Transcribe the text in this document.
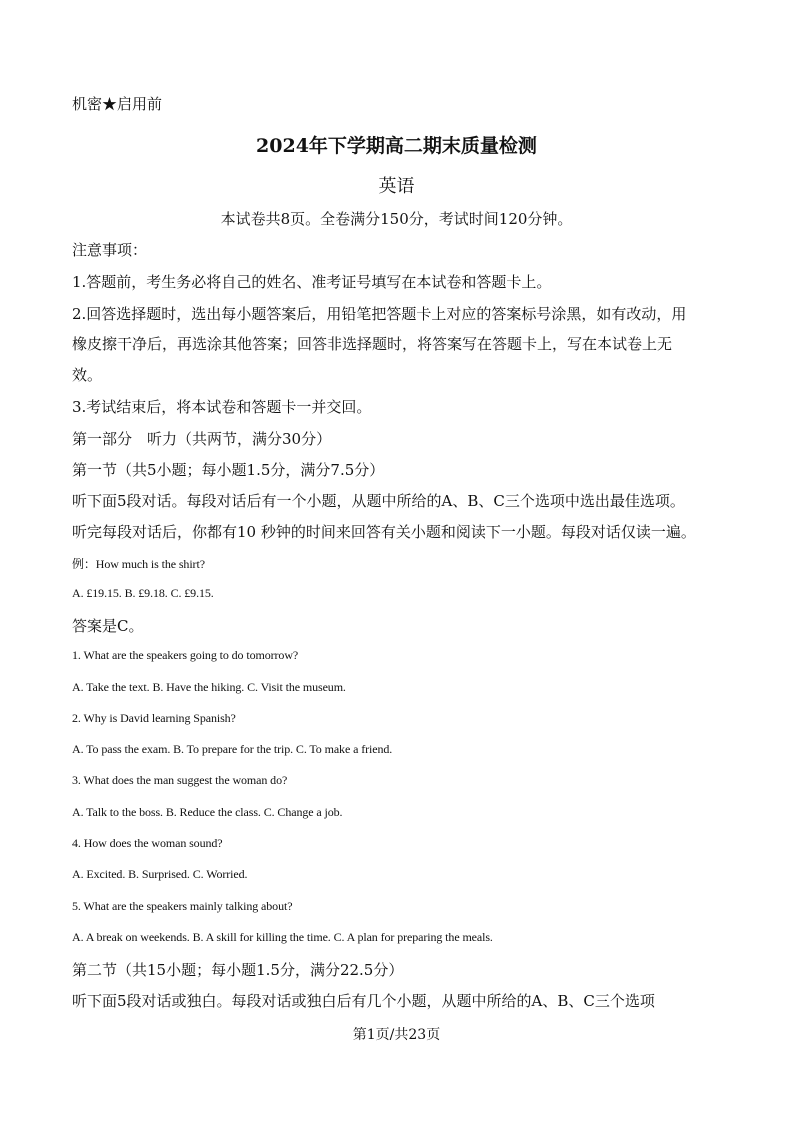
机密★启用前
2024年下学期高二期末质量检测
英语
本试卷共8页。全卷满分150分，考试时间120分钟。
注意事项：
1.答题前，考生务必将自己的姓名、准考证号填写在本试卷和答题卡上。
2.回答选择题时，选出每小题答案后，用铅笔把答题卡上对应的答案标号涂黑，如有改动，用
橡皮擦干净后，再选涂其他答案；回答非选择题时，将答案写在答题卡上，写在本试卷上无
效。
3.考试结束后，将本试卷和答题卡一并交回。
第一部分　听力（共两节，满分30分）
第一节（共5小题；每小题1.5分，满分7.5分）
听下面5段对话。每段对话后有一个小题，从题中所给的A、B、C三个选项中选出最佳选项。
听完每段对话后，你都有10 秒钟的时间来回答有关小题和阅读下一小题。每段对话仅读一遍。
例：How much is the shirt?
A. £19.15. B. £9.18. C. £9.15.
答案是C。
1. What are the speakers going to do tomorrow?
A. Take the text. B. Have the hiking. C. Visit the museum.
2. Why is David learning Spanish?
A. To pass the exam. B. To prepare for the trip. C. To make a friend.
3. What does the man suggest the woman do?
A. Talk to the boss. B. Reduce the class. C. Change a job.
4. How does the woman sound?
A. Excited. B. Surprised. C. Worried.
5. What are the speakers mainly talking about?
A. A break on weekends. B. A skill for killing the time. C. A plan for preparing the meals.
第二节（共15小题；每小题1.5分，满分22.5分）
听下面5段对话或独白。每段对话或独白后有几个小题，从题中所给的A、B、C三个选项
第1页/共23页
